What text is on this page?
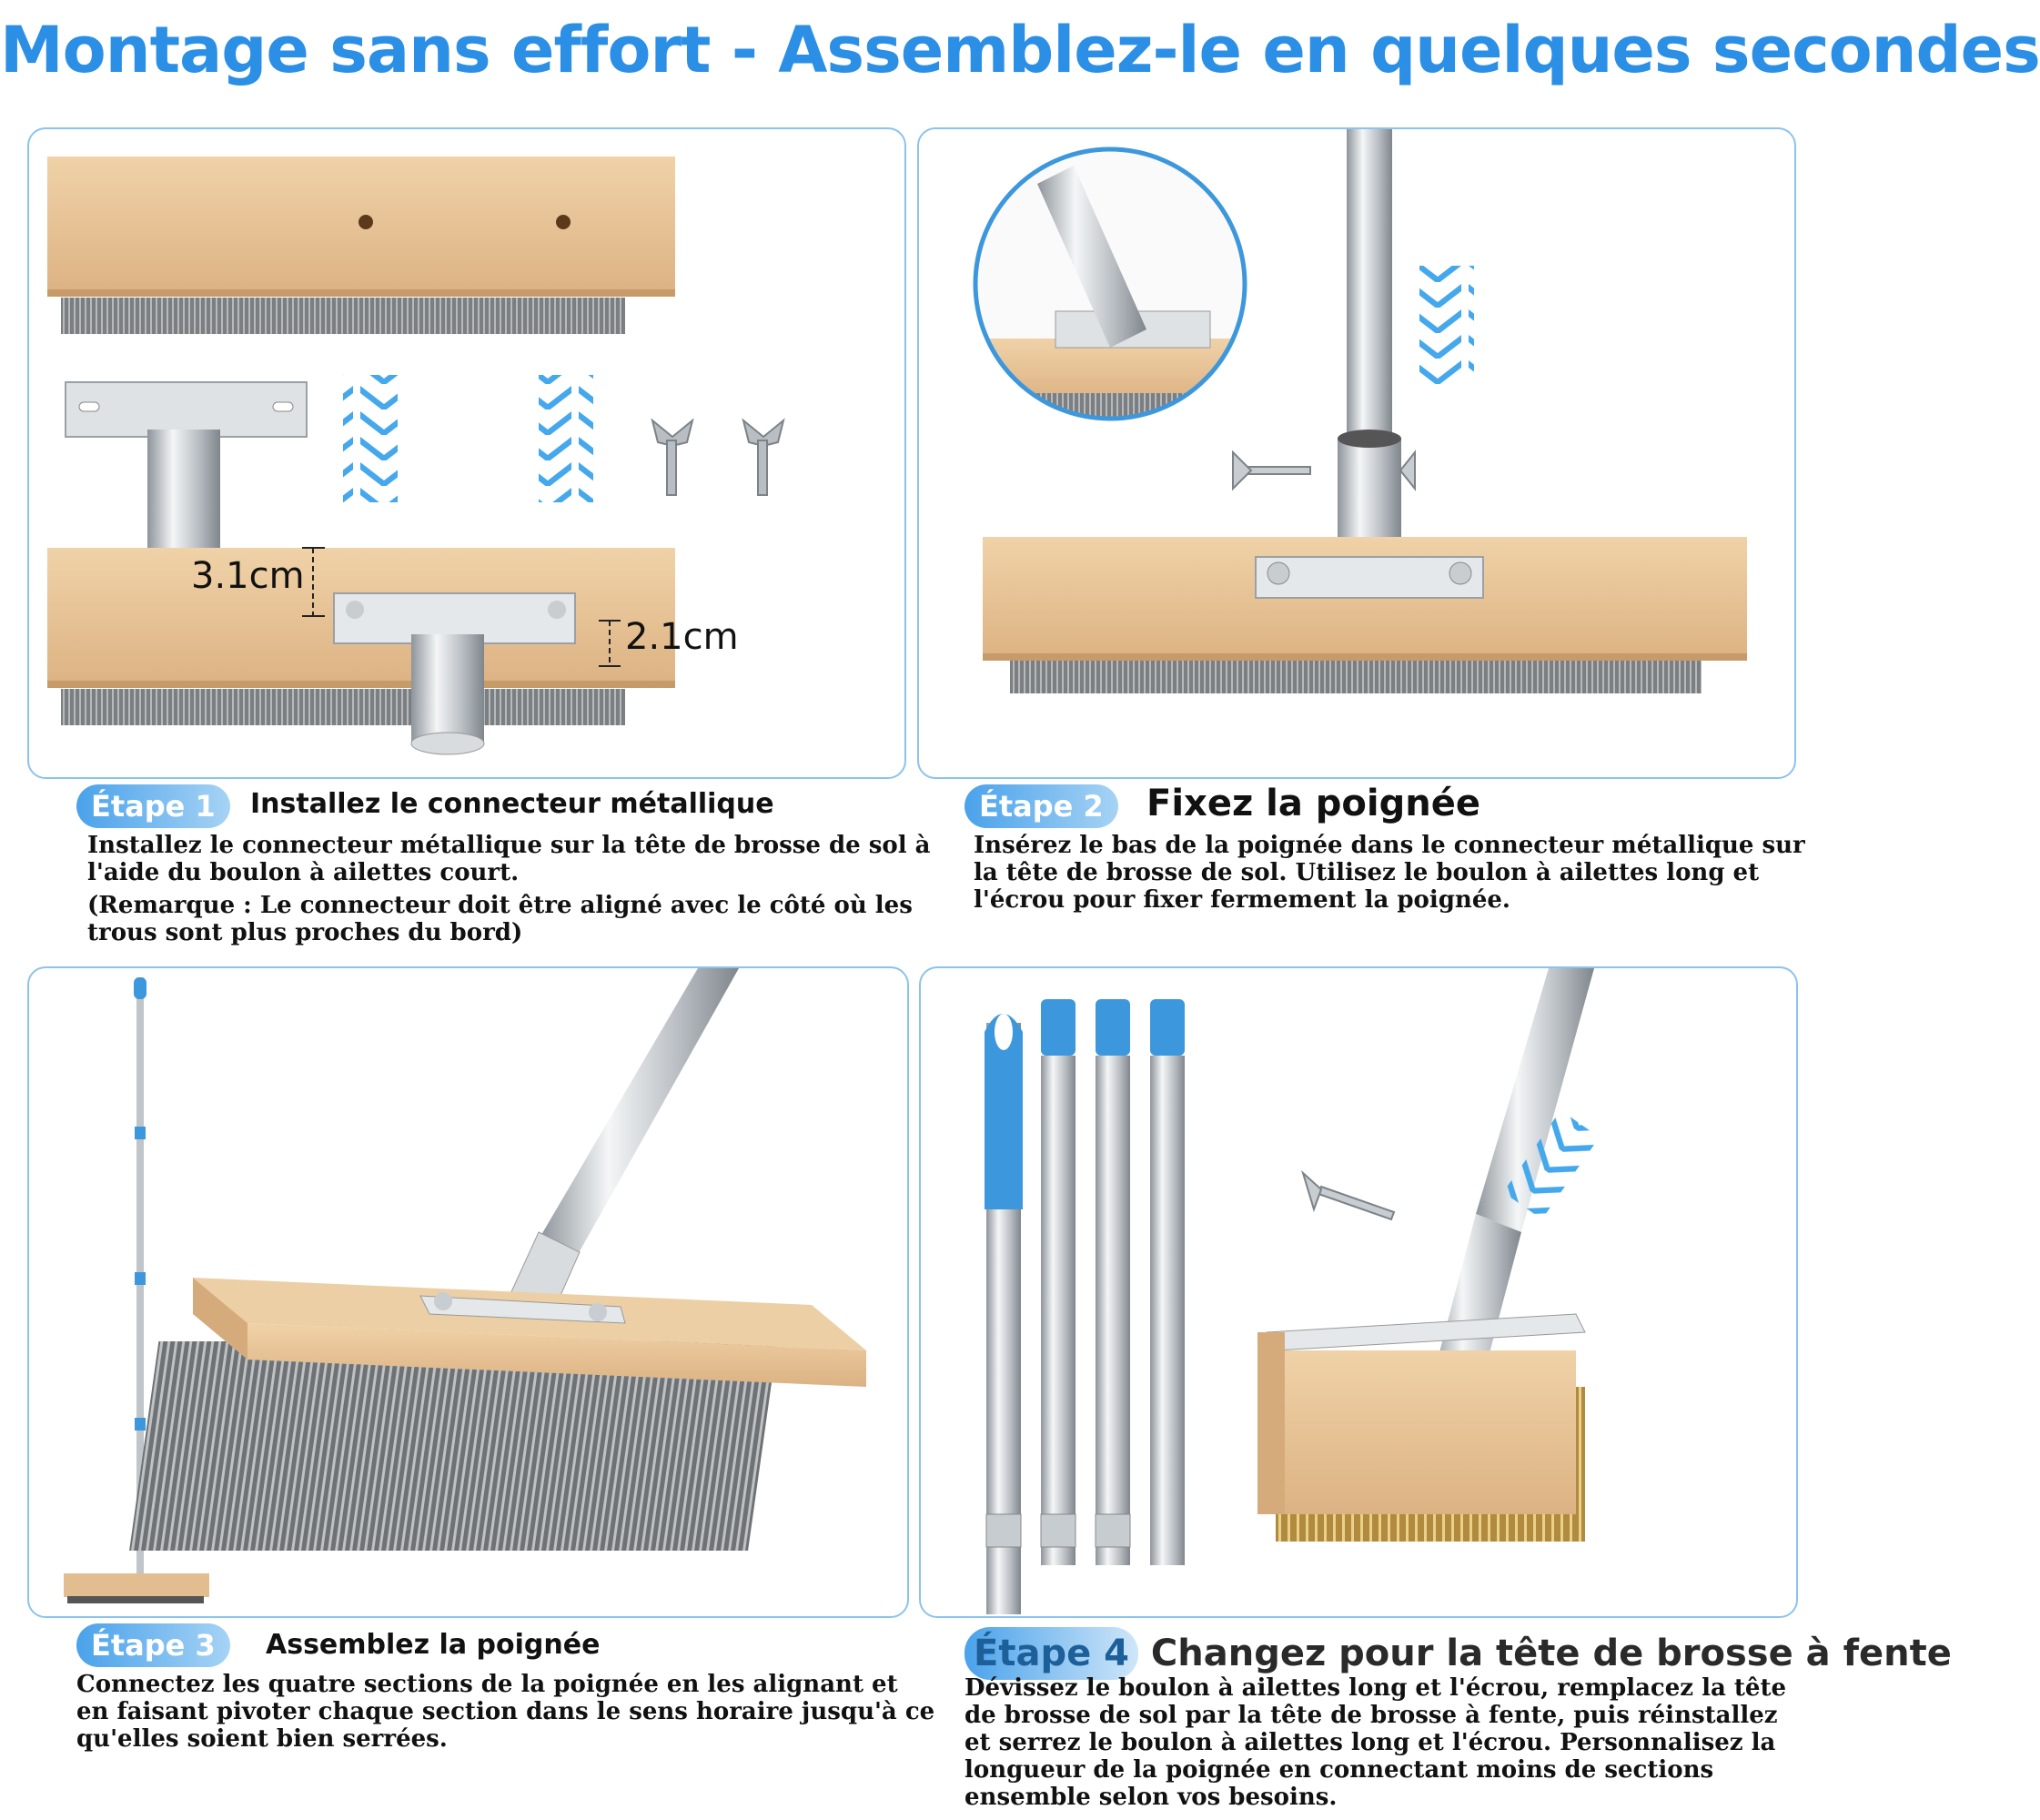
Montage sans effort - Assemblez-le en quelques secondes
3.1cm
2.1cm
Étape 1	Installez le connecteur métallique

Installez le connecteur métallique sur la tête de brosse de sol à l'aide du boulon à ailettes court.

(Remarque : Le connecteur doit être aligné avec le côté où les trous sont plus proches du bord)

Étape 2	Fixez la poignée
Insérez le bas de la poignée dans le connecteur métallique sur la tête de brosse de sol. Utilisez le boulon à ailettes long et l'écrou pour fixer fermement la poignée.
Étape 3	Assemblez la poignée
Connectez les quatre sections de la poignée en les alignant et en faisant pivoter chaque section dans le sens horaire jusqu'à ce qu'elles soient bien serrées.
Étape 4 Changez pour la tête de brosse à fente
Dévissez le boulon à ailettes long et l'écrou, remplacez la tête de brosse de sol par la tête de brosse à fente, puis réinstallez et serrez le boulon à ailettes long et l'écrou. Personnalisez la longueur de la poignée en connectant moins de sections ensemble selon vos besoins.
